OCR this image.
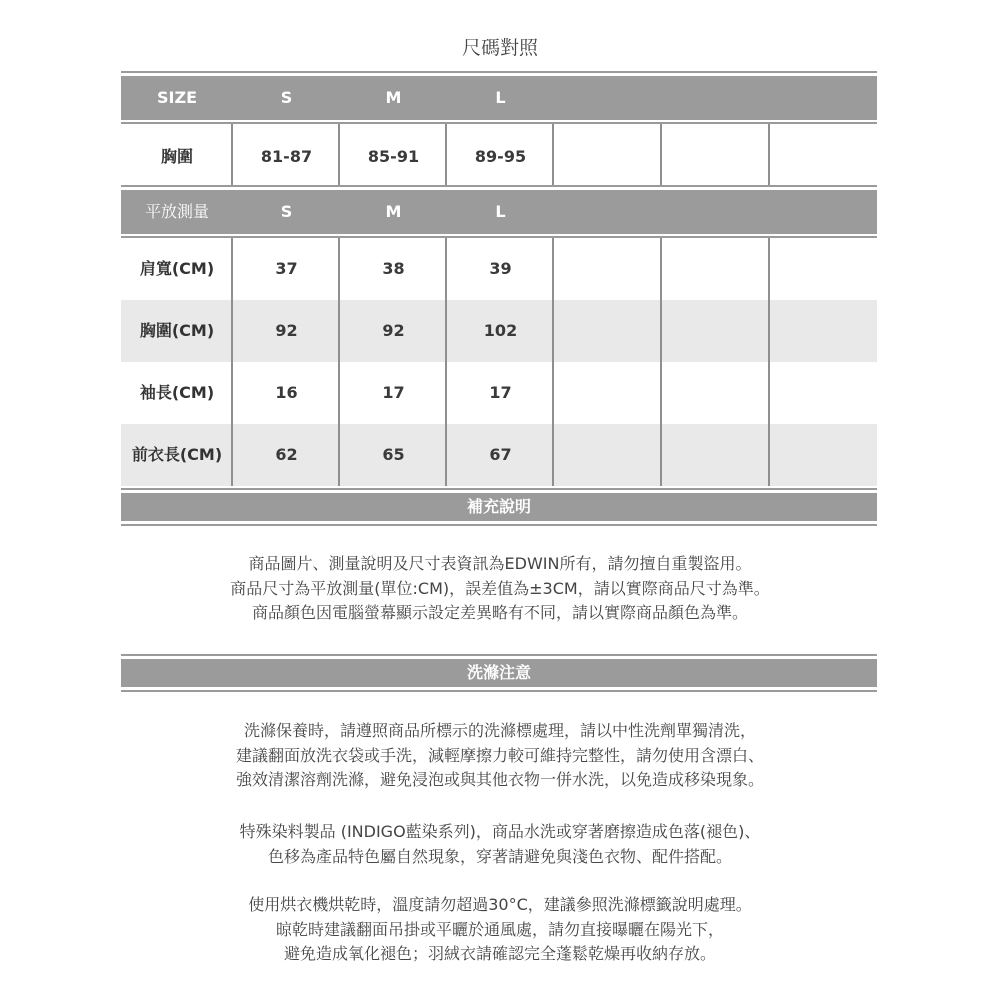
尺碼對照
SIZE	S	M	L
胸圍	81-87	85-91	89-95
平放測量	S	M	L
肩寬(CM)	37	38	39
胸圍(CM)	92	92	102
袖長(CM)	16	17	17
前衣長(CM)	62	65	67
補充說明

商品圖片、測量說明及尺寸表資訊為EDWIN所有，請勿擅自重製盜用。

商品尺寸為平放測量(單位:CM)，誤差值為±3CM，請以實際商品尺寸為準。

商品顏色因電腦螢幕顯示設定差異略有不同，請以實際商品顏色為準。

洗滌注意

洗滌保養時，請遵照商品所標示的洗滌標處理，請以中性洗劑單獨清洗，

建議翻面放洗衣袋或手洗，減輕摩擦力較可維持完整性，請勿使用含漂白、

強效清潔溶劑洗滌，避免浸泡或與其他衣物一併水洗，以免造成移染現象。

特殊染料製品 (INDIGO藍染系列)，商品水洗或穿著磨擦造成色落(褪色)、

色移為產品特色屬自然現象，穿著請避免與淺色衣物、配件搭配。

使用烘衣機烘乾時，溫度請勿超過30°C，建議參照洗滌標籤說明處理。

晾乾時建議翻面吊掛或平曬於通風處，請勿直接曝曬在陽光下，

避免造成氧化褪色；羽絨衣請確認完全蓬鬆乾燥再收納存放。
